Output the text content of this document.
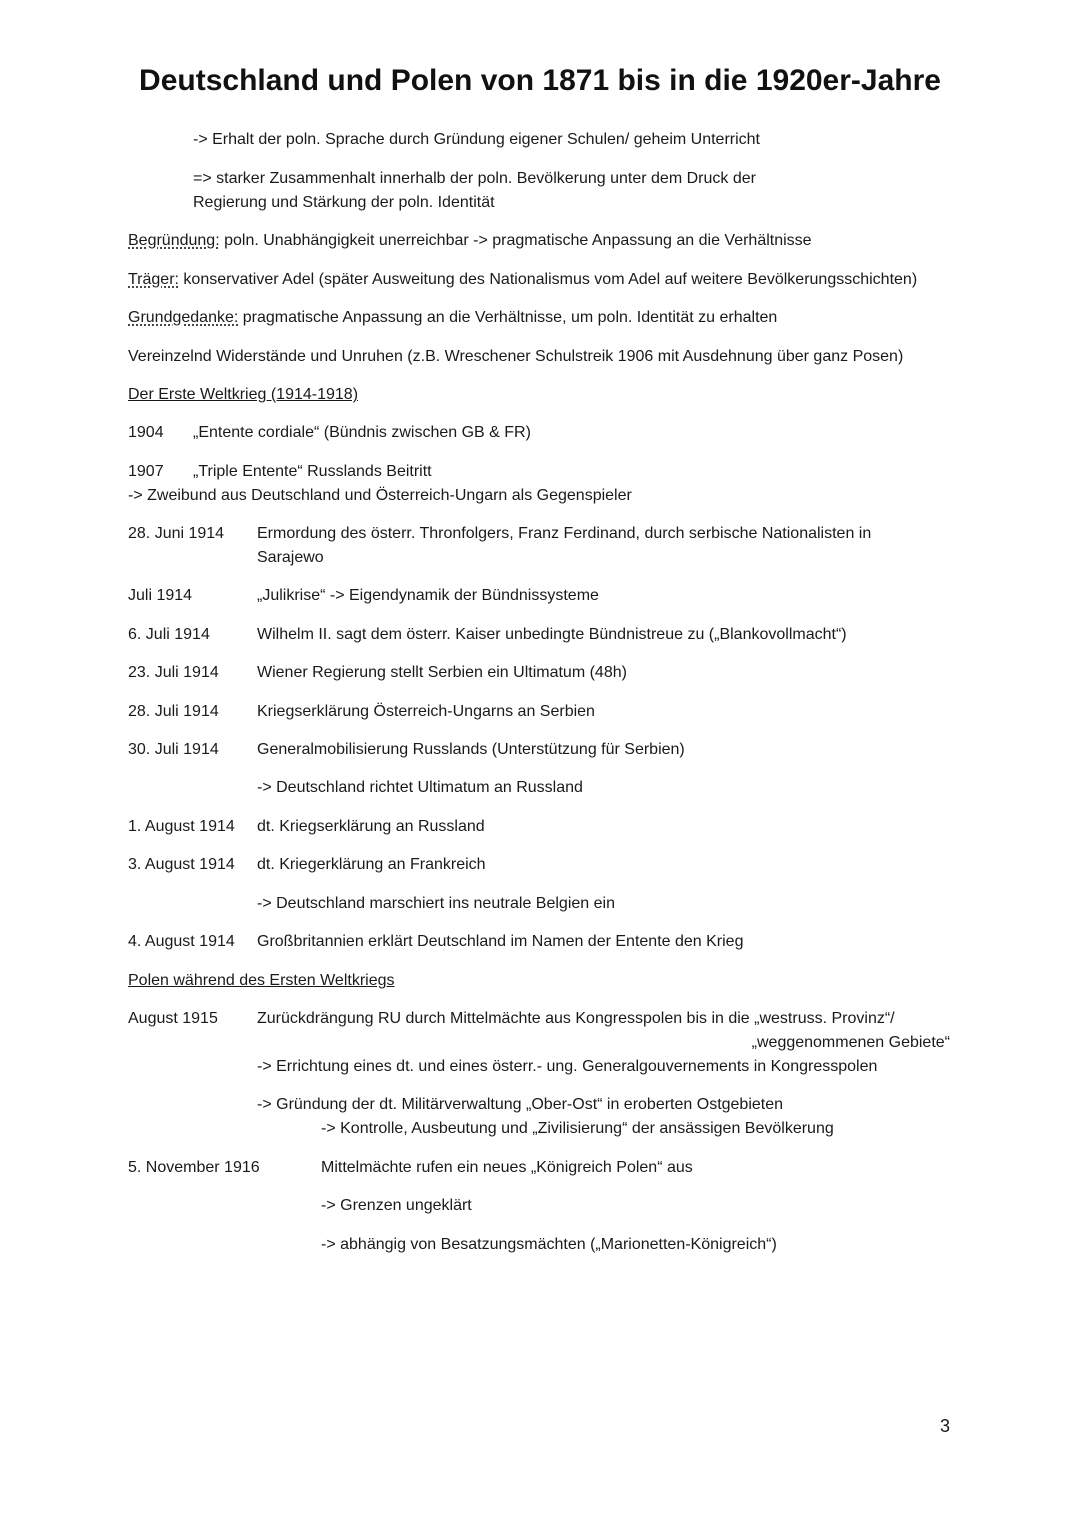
Deutschland und Polen von 1871 bis in die 1920er-Jahre
-> Erhalt der poln. Sprache durch Gründung eigener Schulen/ geheim Unterricht
=> starker Zusammenhalt innerhalb der poln. Bevölkerung unter dem Druck der
Regierung und Stärkung der poln. Identität
Begründung: poln. Unabhängigkeit unerreichbar -> pragmatische Anpassung an die Verhältnisse
Träger: konservativer Adel (später Ausweitung des Nationalismus vom Adel auf weitere Bevölkerungsschichten)
Grundgedanke: pragmatische Anpassung an die Verhältnisse, um poln. Identität zu erhalten
Vereinzelnd Widerstände und Unruhen (z.B. Wreschener Schulstreik 1906 mit Ausdehnung über ganz Posen)
Der Erste Weltkrieg (1914-1918)
1904 „Entente cordiale“ (Bündnis zwischen GB & FR)
1907 „Triple Entente“ Russlands Beitritt
-> Zweibund aus Deutschland und Österreich-Ungarn als Gegenspieler
28. Juni 1914 Ermordung des österr. Thronfolgers, Franz Ferdinand, durch serbische Nationalisten in
Sarajewo
Juli 1914	„Julikrise“ -> Eigendynamik der Bündnissysteme
6. Juli 1914	Wilhelm II. sagt dem österr. Kaiser unbedingte Bündnistreue zu („Blankovollmacht“)
23. Juli 1914 Wiener Regierung stellt Serbien ein Ultimatum (48h)
28. Juli 1914 Kriegserklärung Österreich-Ungarns an Serbien
30. Juli 1914 Generalmobilisierung Russlands (Unterstützung für Serbien)
-> Deutschland richtet Ultimatum an Russland
1. August 1914 dt. Kriegserklärung an Russland
3. August 1914 dt. Kriegerklärung an Frankreich
-> Deutschland marschiert ins neutrale Belgien ein
4. August 1914 Großbritannien erklärt Deutschland im Namen der Entente den Krieg
Polen während des Ersten Weltkriegs
August 1915 Zurückdrängung RU durch Mittelmächte aus Kongresspolen bis in die „westruss. Provinz“/
„weggenommenen Gebiete“
-> Errichtung eines dt. und eines österr.- ung. Generalgouvernements in Kongresspolen
-> Gründung der dt. Militärverwaltung „Ober-Ost“ in eroberten Ostgebieten
-> Kontrolle, Ausbeutung und „Zivilisierung“ der ansässigen Bevölkerung
5. November 1916	Mittelmächte rufen ein neues „Königreich Polen“ aus
-> Grenzen ungeklärt
-> abhängig von Besatzungsmächten („Marionetten-Königreich“)
3
